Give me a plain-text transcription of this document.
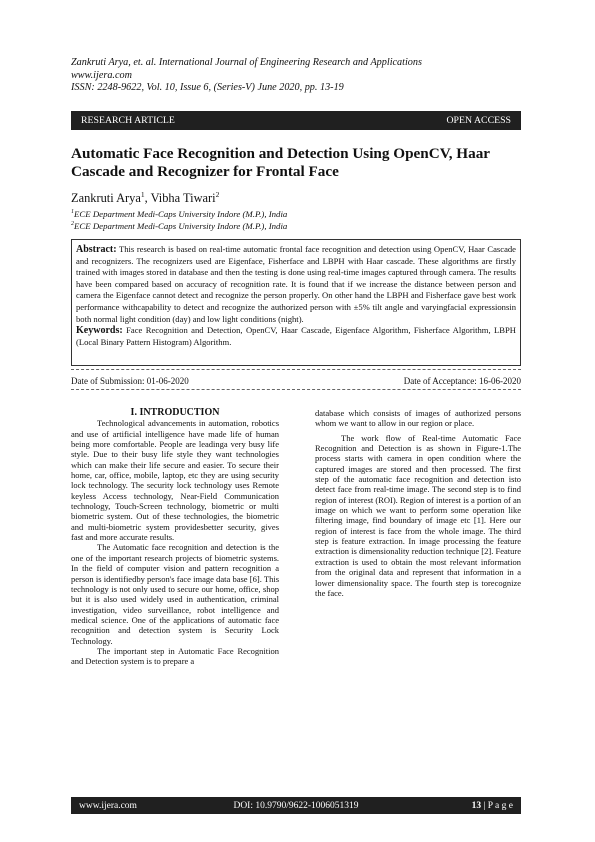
Zankruti Arya, et. al. International Journal of Engineering Research and Applications
www.ijera.com
ISSN: 2248-9622, Vol. 10, Issue 6, (Series-V) June 2020, pp. 13-19
RESEARCH ARTICLE	OPEN ACCESS
Automatic Face Recognition and Detection Using OpenCV, Haar Cascade and Recognizer for Frontal Face
Zankruti Arya$^1$, Vibha Tiwari$^2$
$^1$ECE Department Medi-Caps University Indore (M.P.), India
$^2$ECE Department Medi-Caps University Indore (M.P.), India
Abstract: This research is based on real-time automatic frontal face recognition and detection using OpenCV, Haar Cascade and recognizers. The recognizers used are Eigenface, Fisherface and LBPH with Haar cascade. These algorithms are firstly trained with images stored in database and then the testing is done using real-time images captured through camera. The results have been compared based on accuracy of recognition rate. It is found that if we increase the distance between person and camera the Eigenface cannot detect and recognize the person properly. On other hand the LBPH and Fisherface gave best work performance withcapability to detect and recognize the authorized person with ±5% tilt angle and varyingfacial expressionsin both normal light condition (day) and low light conditions (night).
Keywords: Face Recognition and Detection, OpenCV, Haar Cascade, Eigenface Algorithm, Fisherface Algorithm, LBPH (Local Binary Pattern Histogram) Algorithm.
Date of Submission: 01-06-2020	Date of Acceptance: 16-06-2020

I. INTRODUCTION

Technological advancements in automation, robotics and use of artificial intelligence have made life of human being more comfortable. People are leadinga very busy life style. Due to their busy life style they want technologies which can make their life secure and easier. To secure their home, car, office, mobile, laptop, etc they are using security lock technology. The security lock technology uses Remote keyless Access technology, Near-Field Communication technology, Touch-Screen technology, biometric or multi biometric system. Out of these technologies, the biometric and multi-biometric system providesbetter security, gives fast and more accurate results.

The Automatic face recognition and detection is the one of the important research projects of biometric systems. In the field of computer vision and pattern recognition a person is identifiedby person's face image data base [6]. This technology is not only used to secure our home, office, shop but it is also used widely used in authentication, criminal investigation, video surveillance, robot intelligence and medical science. One of the applications of automatic face recognition and detection system is Security Lock Technology.

The important step in Automatic Face Recognition and Detection system is to prepare a

database which consists of images of authorized persons whom we want to allow in our region or place.

The work flow of Real-time Automatic Face Recognition and Detection is as shown in Figure-1.The process starts with camera in open condition where the captured images are stored and then processed. The first step of the automatic face recognition and detection isto detect face from real-time image. The second step is to find region of interest (ROI). Region of interest is a portion of an image on which we want to perform some operation like filtering image, find boundary of image etc [1]. Here our region of interest is face from the whole image. The third step is feature extraction. In image processing the feature extraction is dimensionality reduction technique [2]. Feature extraction is used to obtain the most relevant information from the original data and represent that information in a lower dimensionality space. The fourth step is torecognize the face.

www.ijera.com	DOI: 10.9790/9622-1006051319	13 | P a g e
